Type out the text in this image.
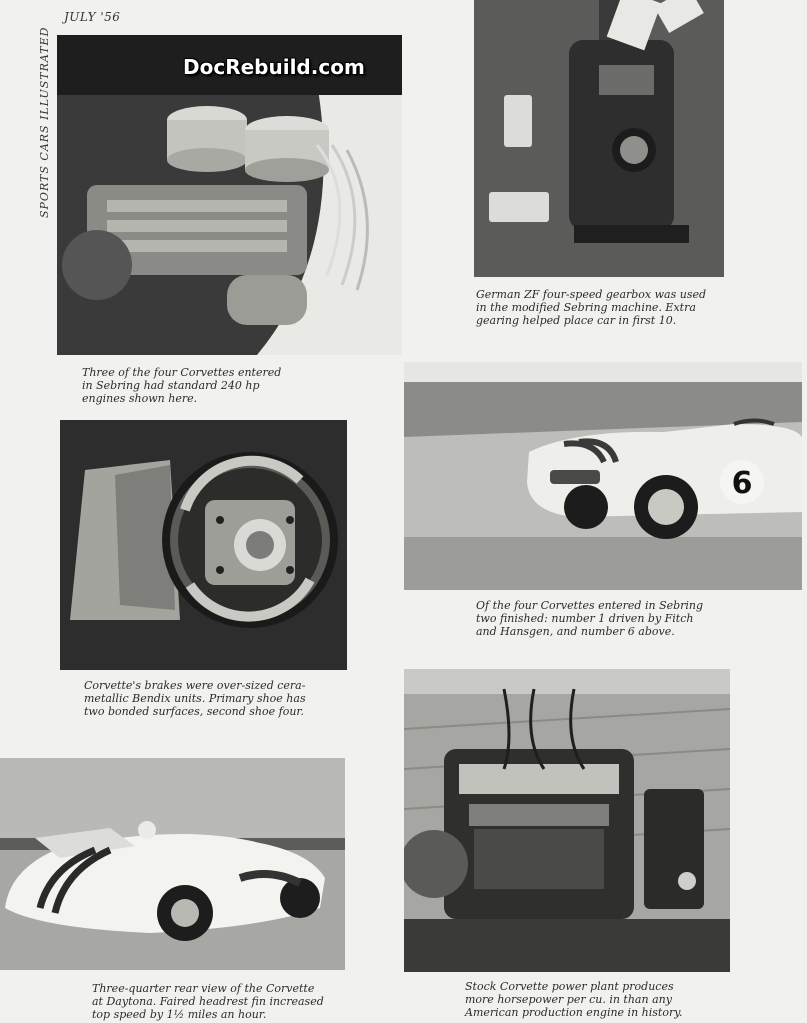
JULY '56
SPORTS CARS ILLUSTRATED	DocRebuild.com

Three of the four Corvettes entered
in Sebring had standard 240 hp
engines shown here.

German ZF four-speed gearbox was used
in the modified Sebring machine. Extra
gearing helped place car in first 10.

Corvette's brakes were over-sized cera-
metallic Bendix units. Primary shoe has
two bonded surfaces, second shoe four.

6

Of the four Corvettes entered in Sebring
two finished: number 1 driven by Fitch
and Hansgen, and number 6 above.

Three-quarter rear view of the Corvette
at Daytona. Faired headrest fin increased
top speed by 1½ miles an hour.

Stock Corvette power plant produces
more horsepower per cu. in than any
American production engine in history.
